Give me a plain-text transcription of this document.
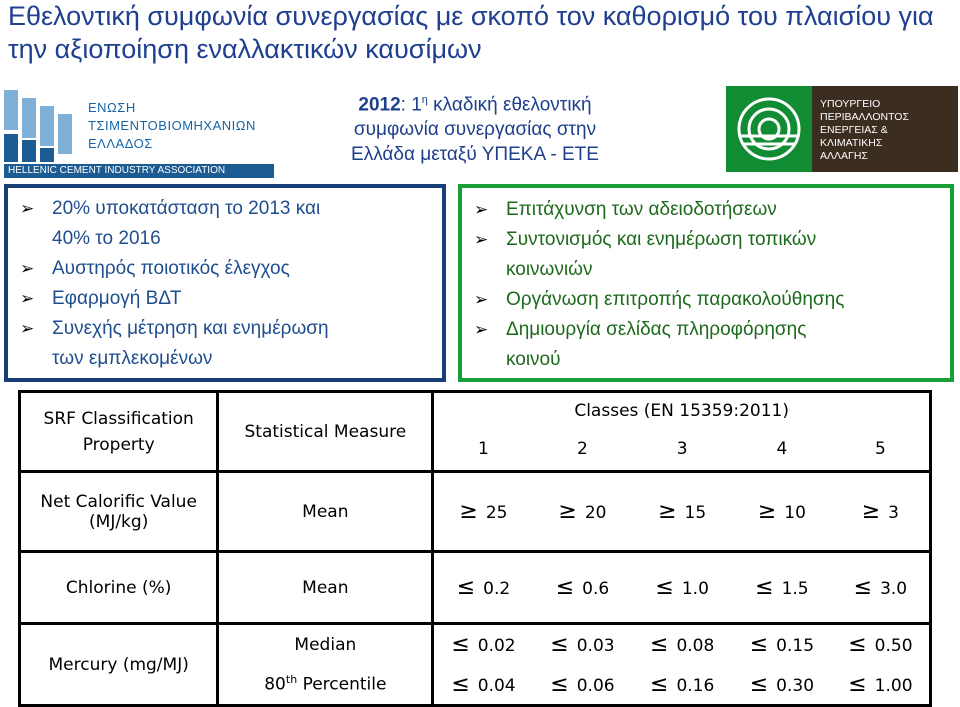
Εθελοντική συμφωνία συνεργασίας με σκοπό τον καθορισμό του πλαισίου για την αξιοποίηση εναλλακτικών καυσίμων
ΕΝΩΣΗ
ΤΣΙΜΕΝΤΟΒΙΟΜΗΧΑΝΙΩΝ
ΕΛΛΑΔΟΣ
HELLENIC CEMENT INDUSTRY ASSOCIATION
2012: $1^\eta$ κλαδική εθελοντική
συμφωνία συνεργασίας στην
Ελλάδα μεταξύ ΥΠΕΚΑ - ΕΤΕ
ΥΠΟΥΡΓΕΙΟ
ΠΕΡΙΒΑΛΛΟΝΤΟΣ
ΕΝΕΡΓΕΙΑΣ &
ΚΛΙΜΑΤΙΚΗΣ
ΑΛΛΑΓΗΣ
➢ 20% υποκατάσταση το 2013 και
40% το 2016
➢ Αυστηρός ποιοτικός έλεγχος
➢ Εφαρμογή ΒΔΤ
➢ Συνεχής μέτρηση και ενημέρωση
των εμπλεκομένων
➢ Επιτάχυνση των αδειοδοτήσεων
➢ Συντονισμός και ενημέρωση τοπικών
κοινωνιών
➢ Οργάνωση επιτροπής παρακολούθησης
➢ Δημιουργία σελίδας πληροφόρησης
κοινού
SRF Classification
Property	Statistical Measure	Classes (EN 15359:2011)				
		1	2	3	4	5

Net Calorific Value
(MJ/kg)	Mean	≥ 25	≥ 20	≥ 15	≥ 10	≥ 3
Chlorine (%)	Mean	≤ 0.2	≤ 0.6	≤ 1.0	≤ 1.5	≤ 3.0
Mercury (mg/MJ)	Median	≤ 0.02	≤ 0.03	≤ 0.08	≤ 0.15	≤ 0.50
	80th Percentile	≤ 0.04	≤ 0.06	≤ 0.16	≤ 0.30	≤ 1.00
